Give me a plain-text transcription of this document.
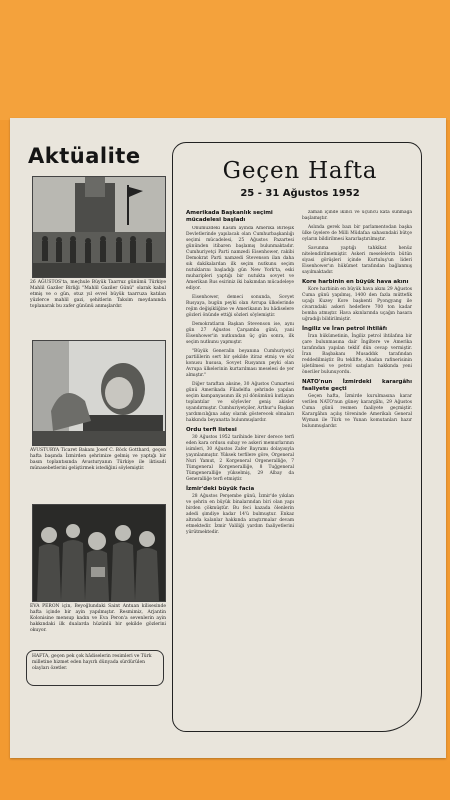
Aktüalite
Geçen Hafta
25 - 31 Ağustos 1952
26 AĞUSTOS'ta, meçhule Büyük Taarruz günümü Türkiye Mahlil Gaziler Birliği "Mahlil Gaziler Günü" olarak kabul etmiş ve o gün, otuz yıl evvel büyük taarruza katılan yüzlerce mahlil gazi, şehitlerin Taksim meydanında toplanarak bu zafer gününü anmışlardır.
AVUSTURYA Ticaret Bakanı Josef C. Böck Gotthard, geçen hafta başında İzmirden şehrimize gelmiş ve yaptığı bir basın toplantısında Avusturyanın Türkiye ile iktisadi münasebetlerini geliştirmek istediğini söylemiştir.
EVA PERON için, Beyoğlundaki Saint Antuan kilisesinde hafta içinde bir ayin yapılmıştır. Resmimiz, Arjantin Kolonisine mensup kadın ve Eva Peron'a sevenlerin ayin hakkındaki ilk dualarda hüzünlü bir şekilde gözlerini okuyor.
HAFTA, geçen pek çok hâdiselerin resimleri ve Türk milletine hizmet eden hayırlı dünyada sürdürülen olayları özetler.
Amerikada Başkanlık seçimi mücadelesi başladı

Önümüzdeki Kasım ayında Amerika Birleşik Devletlerinde yapılacak olan Cumhurbaşkanlığı seçimi mücadelesi, 25 Ağustos Pazartesi gününden itibaren başlamış bulunmaktadır. Cumhuriyetçi Parti namzedi Eisenhower, rakibi Demokrat Parti namzedi Stevenson ilan daha sık dakikalardan ilk seçim nutkunu seçim nutuklarını başladığı gün New York'ta, eski muharipleri yaptığı bir nutukta sovyet ve Amerikan Rus esiriniz iki bakımdan mücadeleye ediyor.

Eisenhower, demeci sonunda, Sovyet Rusyaya, bugün peyki olan Avrupa ülkelerinde rejim değişikliğine ve Amerikanın bu hâdiselere gözleri önünde ettiği sözleri söylemiştir.

Demokratların Başkan Stevenson ise, aynı gün 27 Ağustos Çarşamba günü, yani Eisenhower'in nutkundan üç gün sonra, ilk seçim nutkunu yapmıştır.

"Büyük Generalin beyanına Cumhuriyetçi partililerin sert bir şekilde itiraz etmiş ve söz konusu hususa, Sovyet Rusyanın peyki olan Avrupa ülkelerinin kurtarılması meselesi de yer almıştır."

Diğer taraftan aksine, 30 Ağustos Cumartesi günü Amerikada Filadelfia şehrinde yapılan seçim kampanyasının ilk yıl dönümünü kutlayan toplantılar ve söylevler geniş akisler uyandırmıştır. Cumhuriyetçiler, Arthur'u Başkan yardımcılığına aday olarak gösterecek olmaları hakkında beyanatta bulunmuşlardır.

Ordu terfi listesi

30 Ağustos 1952 tarihinde birer derece terfi eden kara ordusu subay ve askeri memurlarının isimleri, 30 Ağustos Zafer Bayramı dolayısıyla yayınlanmıştır. Yüksek terfilere göre, Orgeneral Nuri Yamut, 2 Korgeneral Orgeneralliğe, 7 Tümgeneral Korgeneralliğe, 8 Tuğgeneral Tümgeneralliğe yükselmiş, 29 Albay da Generalliğe terfi etmiştir.

İzmir'deki büyük facia

28 Ağustos Perşembe günü, İzmir'de yıkılan ve şehrin en büyük binalarından biri olan yapı birden çökmüştür. Bu feci kazada ölenlerin adedi şimdiye kadar 14'ü bulmuştur. Enkaz altında kalanlar hakkında araştırmalar devam etmektedir. İzmir Valiliği yardım faaliyetlerini yürütmektedir.

zaman içinde ikinci ve üçüncü kata sunmağa başlamıştır.

Aslında gerek bazı bir parlamentodan başka ülke üyelere de Milli Müdafaa sahasındaki bütçe oyların bildirilmesi kararlaştırılmıştır.

Savunma yaptığı tahkikat henüz nitelendirilmemiştir. Askeri meselelerin bütün siyasi görüşleri içinde Kurtuluş'un lideri Eisenhower'ın hükümet tarafından bağlanmış sayılmaktadır.

Kore harbinin en büyük hava akını

Kore harbinin en büyük hava akını 29 Ağustos Cuma günü yapılmış, 1400 den fazla müttefik uçağı Kuzey Kore başkenti Pyongyang ile civarındaki askeri hedeflere 700 ton kadar bomba atmıştır. Hava akınlarında uçağın hasara uğradığı bildirilmiştir.

İngiliz ve İran petrol ihtilâfı

İran hükümetinin, İngiliz petrol ihtilafına bir çare bulunmasına dair İngiltere ve Amerika tarafından yapılan teklif dün cevap vermiştir. İran Başbakanı Musaddık tarafından reddedilmiştir. Bu teklifte, Abadan rafinerisinin işletilmesi ve petrol satışları hakkında yeni öneriler bulunuyordu.

NATO'nun İzmirdeki karargâhı faaliyete geçti

Geçen hafta, İzmirde kurulmasına karar verilen NATO'nun güney karargâhı, 29 Ağustos Cuma günü resmen faaliyete geçmiştir. Karargâhın açılış töreninde Amerikalı General Wyman ile Türk ve Yunan komutanları hazır bulunmuşlardır.
